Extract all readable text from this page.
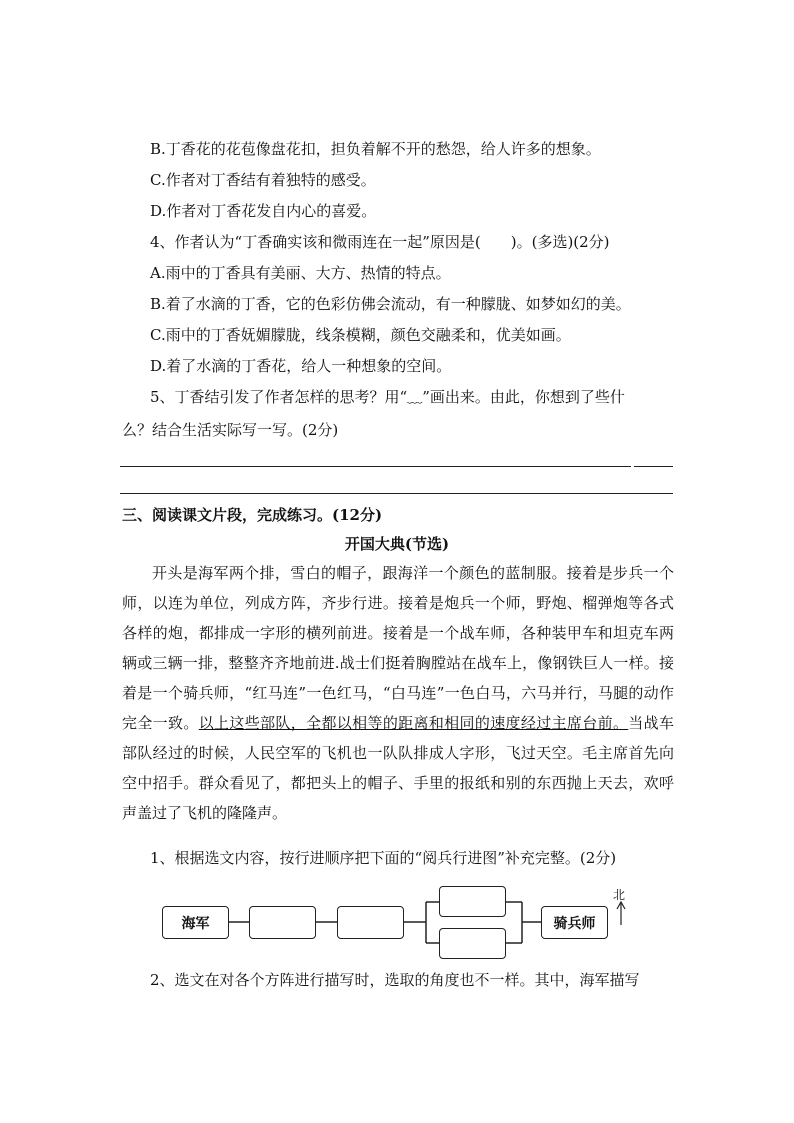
B.丁香花的花苞像盘花扣，担负着解不开的愁怨，给人许多的想象。
C.作者对丁香结有着独特的感受。
D.作者对丁香花发自内心的喜爱。
4、作者认为“丁香确实该和微雨连在一起”原因是(　　)。(多选)(2分)
A.雨中的丁香具有美丽、大方、热情的特点。
B.着了水滴的丁香，它的色彩仿佛会流动，有一种朦胧、如梦如幻的美。
C.雨中的丁香妩媚朦胧，线条模糊，颜色交融柔和，优美如画。
D.着了水滴的丁香花，给人一种想象的空间。
5、丁香结引发了作者怎样的思考？用“﹏”画出来。由此，你想到了些什
么？结合生活实际写一写。(2分)
三、阅读课文片段，完成练习。(12分)
开国大典(节选)
开头是海军两个排，雪白的帽子，跟海洋一个颜色的蓝制服。接着是步兵一个师，以连为单位，列成方阵，齐步行进。接着是炮兵一个师，野炮、榴弹炮等各式各样的炮，都排成一字形的横列前进。接着是一个战车师，各种装甲车和坦克车两辆或三辆一排，整整齐齐地前进.战士们挺着胸膛站在战车上，像钢铁巨人一样。接着是一个骑兵师，“红马连”一色红马，“白马连”一色白马，六马并行，马腿的动作完全一致。以上这些部队，全都以相等的距离和相同的速度经过主席台前。当战车部队经过的时候，人民空军的飞机也一队队排成人字形，飞过天空。毛主席首先向空中招手。群众看见了，都把头上的帽子、手里的报纸和别的东西抛上天去，欢呼声盖过了飞机的隆隆声。
1、根据选文内容，按行进顺序把下面的“阅兵行进图”补充完整。(2分)
海军	骑兵师
北
2、选文在对各个方阵进行描写时，选取的角度也不一样。其中，海军描写
